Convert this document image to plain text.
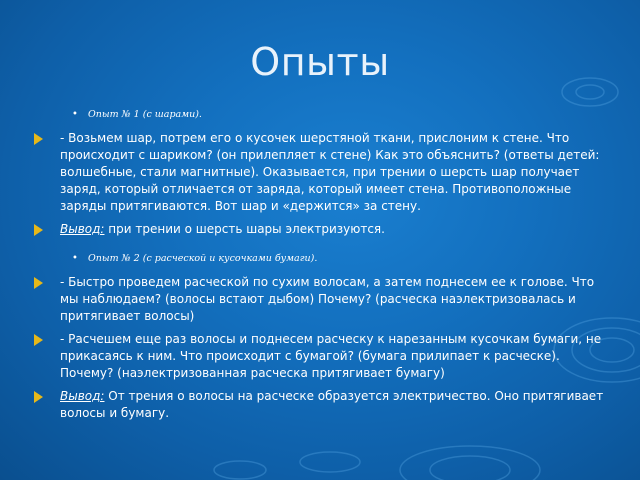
Опыты
• Опыт № 1 (с шарами).
- Возьмем шар, потрем его о кусочек шерстяной ткани, прислоним к стене. Что происходит с шариком? (он прилепляет к стене) Как это объяснить? (ответы детей: волшебные, стали магнитные). Оказывается, при трении о шерсть шар получает заряд, который отличается от заряда, который имеет стена. Противоположные заряды притягиваются. Вот шар и «держится» за стену.
Вывод: при трении о шерсть шары электризуются.
• Опыт № 2 (с расческой и кусочками бумаги).
- Быстро проведем расческой по сухим волосам, а затем поднесем ее к голове. Что мы наблюдаем? (волосы встают дыбом) Почему? (расческа наэлектризовалась и притягивает волосы)
- Расчешем еще раз волосы и поднесем расческу к нарезанным кусочкам бумаги, не прикасаясь к ним. Что происходит с бумагой? (бумага прилипает к расческе). Почему? (наэлектризованная расческа притягивает бумагу)
Вывод: От трения о волосы на расческе образуется электричество. Оно притягивает волосы и бумагу.
